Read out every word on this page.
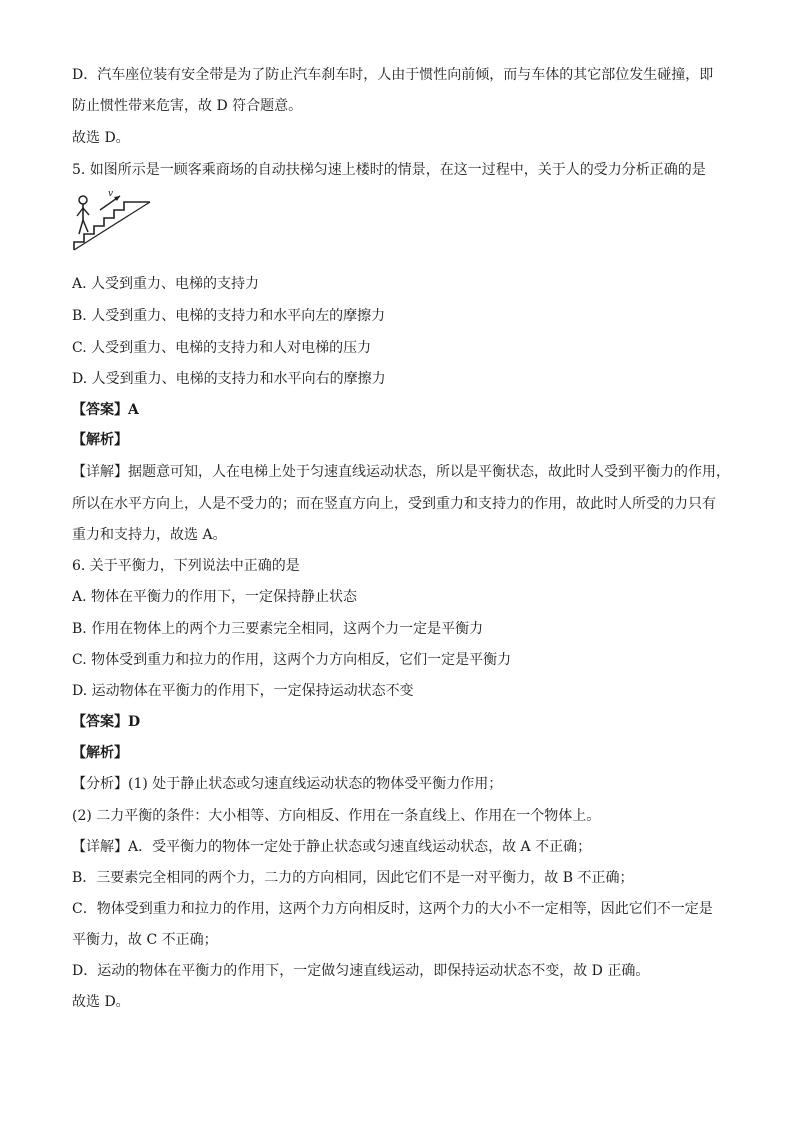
D．汽车座位装有安全带是为了防止汽车刹车时，人由于惯性向前倾，而与车体的其它部位发生碰撞，即
防止惯性带来危害，故 D 符合题意。
故选 D。
5. 如图所示是一顾客乘商场的自动扶梯匀速上楼时的情景，在这一过程中，关于人的受力分析正确的是
v
A. 人受到重力、电梯的支持力
B. 人受到重力、电梯的支持力和水平向左的摩擦力
C. 人受到重力、电梯的支持力和人对电梯的压力
D. 人受到重力、电梯的支持力和水平向右的摩擦力
【答案】A
【解析】
【详解】据题意可知，人在电梯上处于匀速直线运动状态，所以是平衡状态，故此时人受到平衡力的作用，
所以在水平方向上，人是不受力的；而在竖直方向上，受到重力和支持力的作用，故此时人所受的力只有
重力和支持力，故选 A。
6. 关于平衡力，下列说法中正确的是
A. 物体在平衡力的作用下，一定保持静止状态
B. 作用在物体上的两个力三要素完全相同，这两个力一定是平衡力
C. 物体受到重力和拉力的作用，这两个力方向相反，它们一定是平衡力
D. 运动物体在平衡力的作用下，一定保持运动状态不变
【答案】D
【解析】
【分析】(1) 处于静止状态或匀速直线运动状态的物体受平衡力作用；
(2) 二力平衡的条件：大小相等、方向相反、作用在一条直线上、作用在一个物体上。
【详解】A．受平衡力的物体一定处于静止状态或匀速直线运动状态，故 A 不正确；
B．三要素完全相同的两个力，二力的方向相同，因此它们不是一对平衡力，故 B 不正确；
C．物体受到重力和拉力的作用，这两个力方向相反时，这两个力的大小不一定相等，因此它们不一定是
平衡力，故 C 不正确；
D．运动的物体在平衡力的作用下，一定做匀速直线运动，即保持运动状态不变，故 D 正确。
故选 D。
